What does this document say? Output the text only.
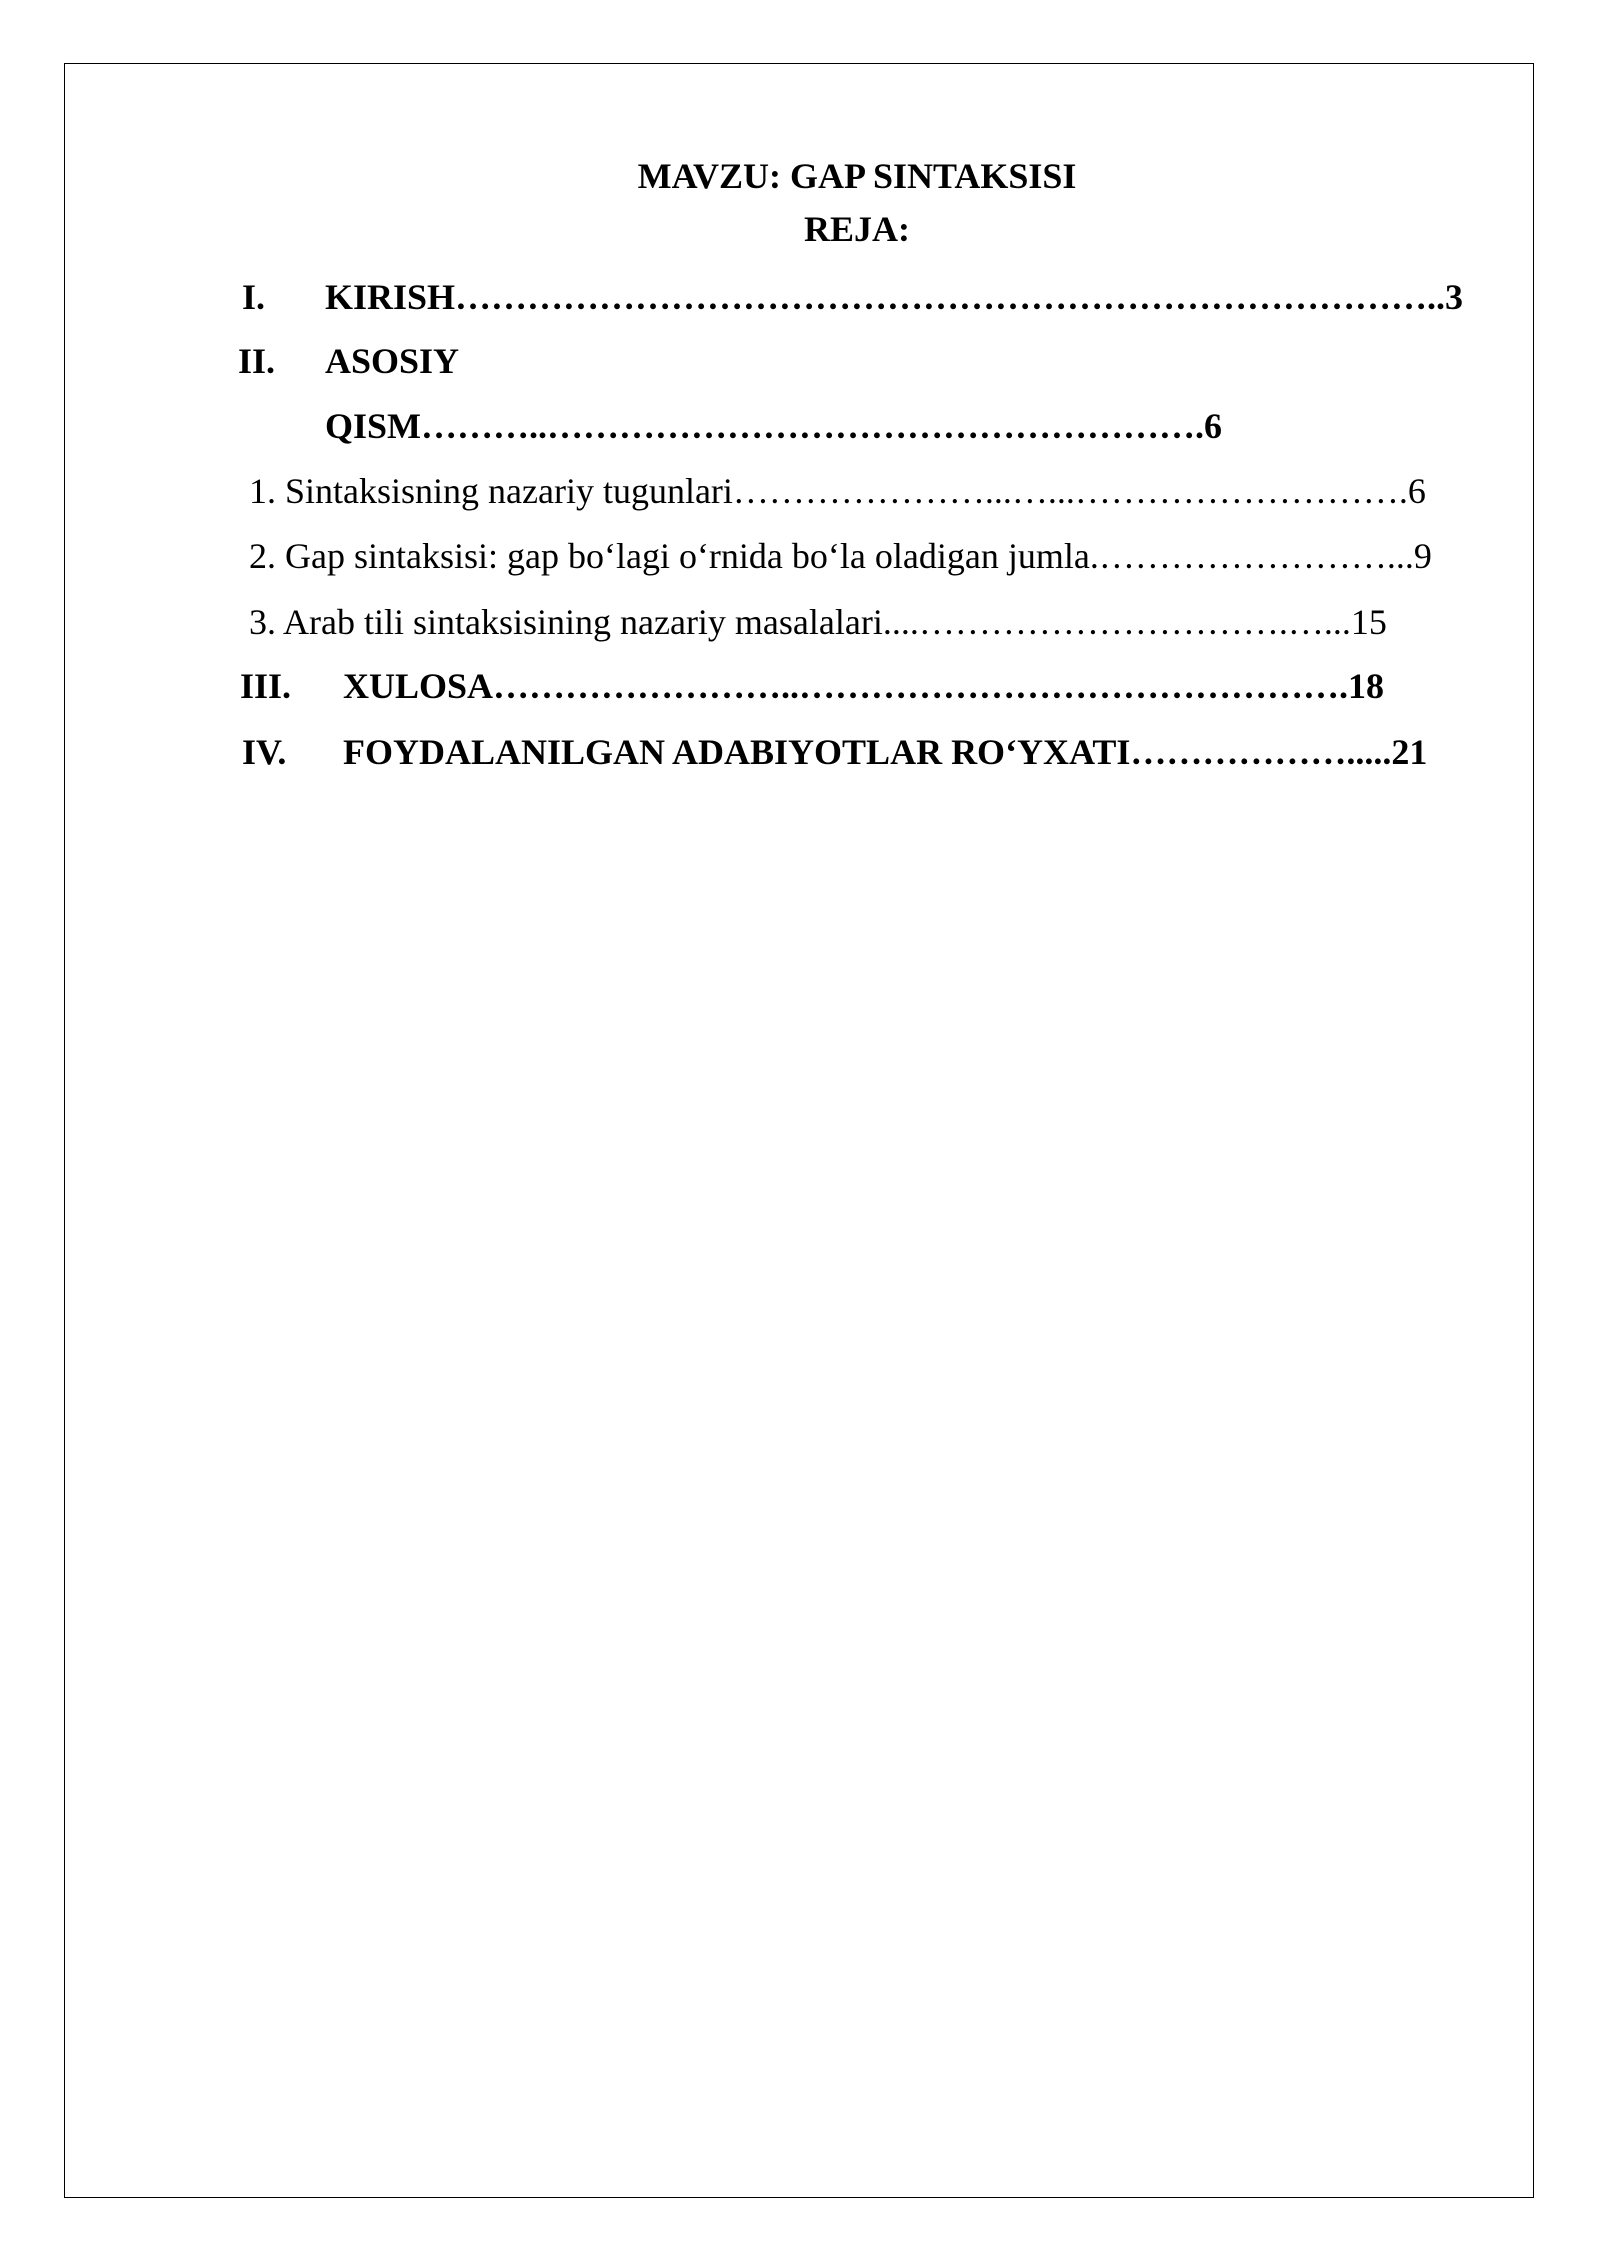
MAVZU: GAP SINTAKSISI
REJA:
I. KIRISH………………………………………………………………………..3
II. ASOSIY
QISM………..……………………………………………….6
1. Sintaksisning nazariy tugunlari…………………...…...……………………….6
2. Gap sintaksisi: gap bo‘lagi o‘rnida bo‘la oladigan jumla.……………………...9
3. Arab tili sintaksisining nazariy masalalari....………………………….…...15
III. XULOSA……………………..……………………………………….18
IV. FOYDALANILGAN ADABIYOTLAR RO‘YXATI……………….....21
